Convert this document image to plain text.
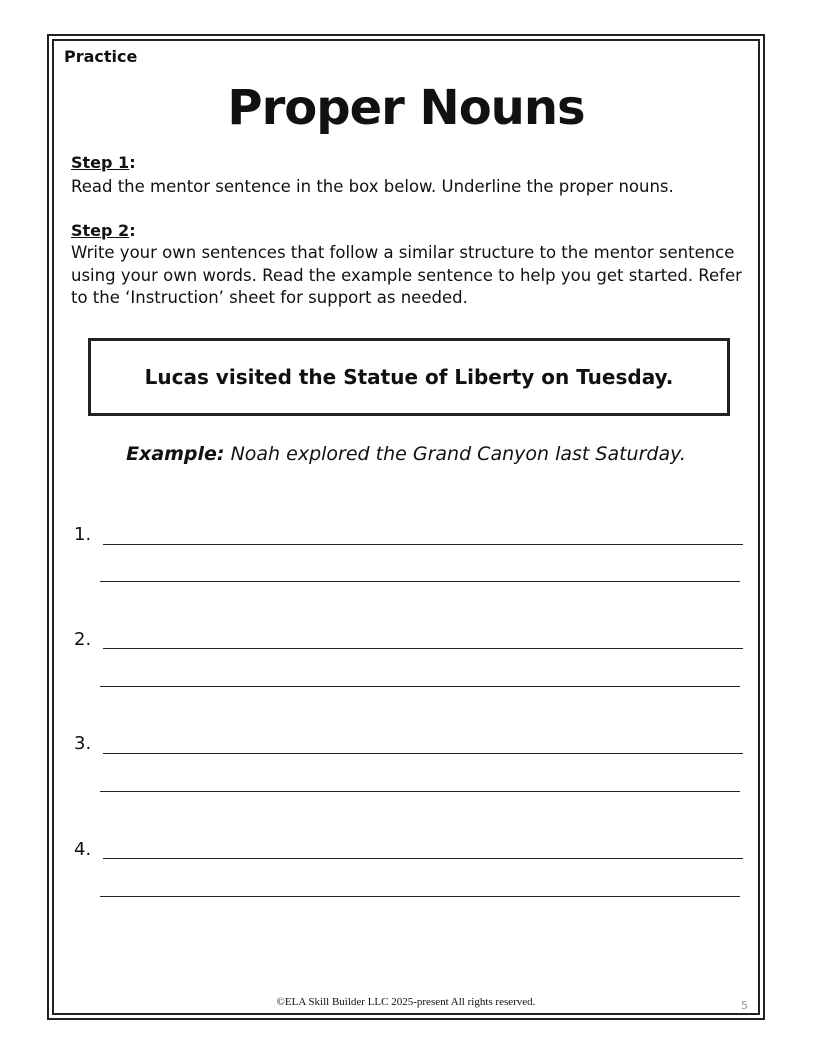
Practice
Proper Nouns
Step 1:
Read the mentor sentence in the box below. Underline the proper nouns.
Step 2:
Write your own sentences that follow a similar structure to the mentor sentence using your own words. Read the example sentence to help you get started. Refer to the ‘Instruction’ sheet for support as needed.
Lucas visited the Statue of Liberty on Tuesday.
Example: Noah explored the Grand Canyon last Saturday.
1.
2.
3.
4.
©ELA Skill Builder LLC 2025-present All rights reserved.	5
